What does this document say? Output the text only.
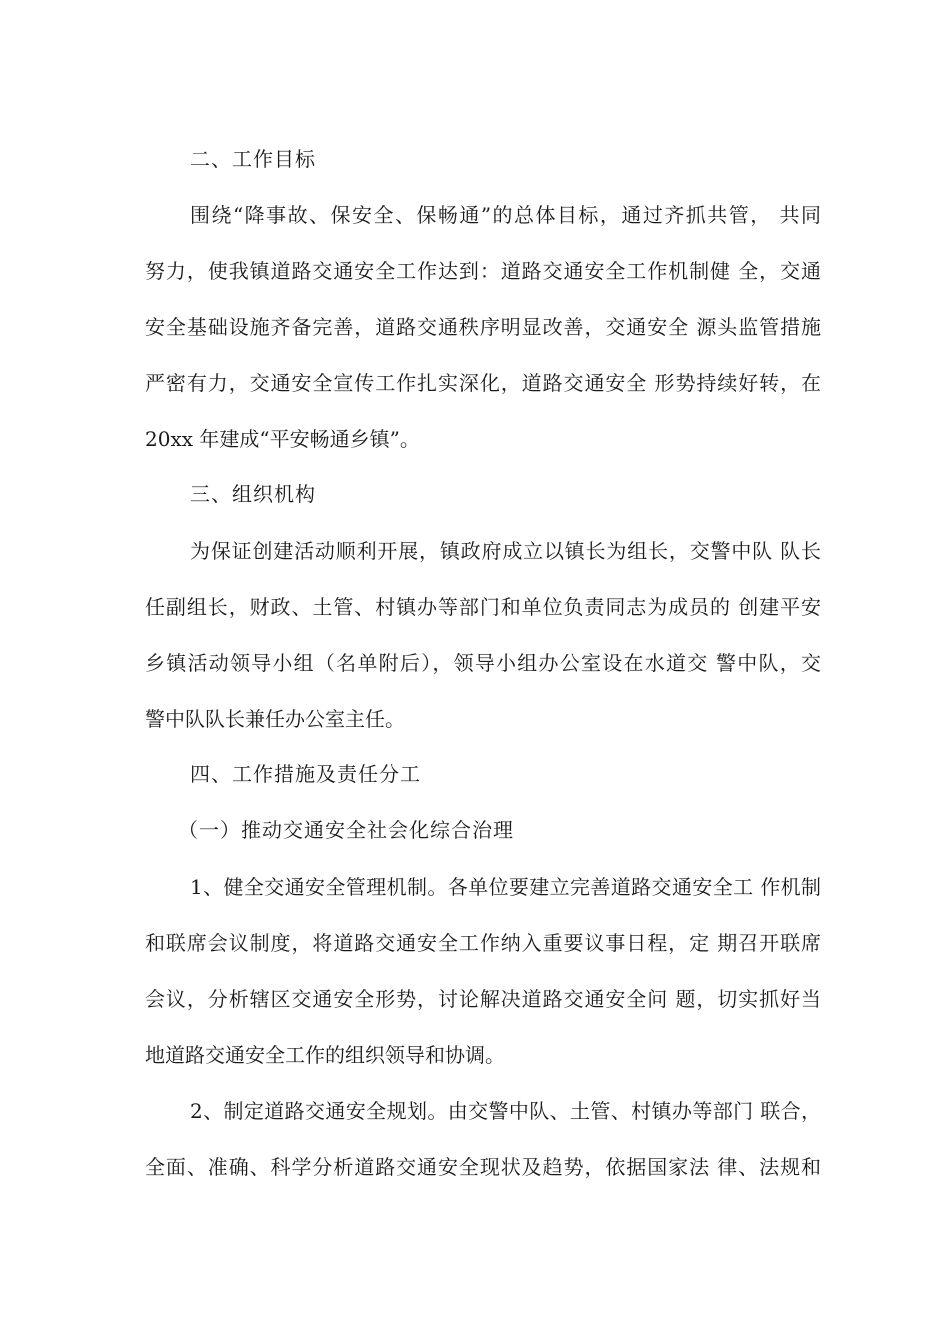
二、工作目标
围绕“降事故、保安全、保畅通”的总体目标，通过齐抓共管， 共同
努力，使我镇道路交通安全工作达到：道路交通安全工作机制健 全，交通
安全基础设施齐备完善，道路交通秩序明显改善，交通安全 源头监管措施
严密有力，交通安全宣传工作扎实深化，道路交通安全 形势持续好转，在
20xx 年建成“平安畅通乡镇”。
三、组织机构
为保证创建活动顺利开展，镇政府成立以镇长为组长，交警中队 队长
任副组长，财政、土管、村镇办等部门和单位负责同志为成员的 创建平安
乡镇活动领导小组（名单附后），领导小组办公室设在水道交 警中队，交
警中队队长兼任办公室主任。
四、工作措施及责任分工
（一）推动交通安全社会化综合治理
1、健全交通安全管理机制。各单位要建立完善道路交通安全工 作机制
和联席会议制度，将道路交通安全工作纳入重要议事日程，定 期召开联席
会议，分析辖区交通安全形势，讨论解决道路交通安全问 题，切实抓好当
地道路交通安全工作的组织领导和协调。
2、制定道路交通安全规划。由交警中队、土管、村镇办等部门 联合，
全面、准确、科学分析道路交通安全现状及趋势，依据国家法 律、法规和
